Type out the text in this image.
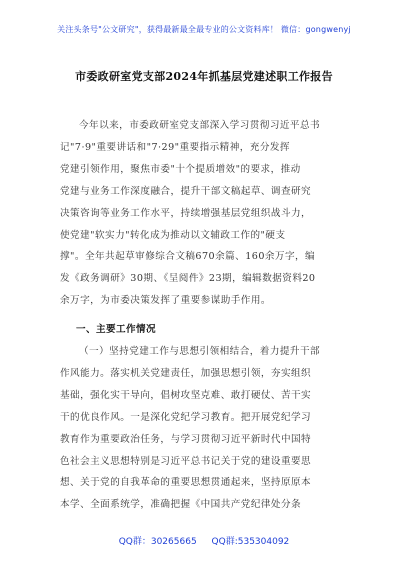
关注头条号"公文研究"，获得最新最全最专业的公文资料库！ 微信：gongwenyj
市委政研室党支部2024年抓基层党建述职工作报告
今年以来，市委政研室党支部深入学习贯彻习近平总书
记"7·9"重要讲话和"7·29"重要指示精神，充分发挥
党建引领作用，聚焦市委"十个提质增效"的要求，推动
党建与业务工作深度融合，提升干部文稿起草、调查研究
决策咨询等业务工作水平，持续增强基层党组织战斗力，
使党建"软实力"转化成为推动以文辅政工作的"硬支
撑"。全年共起草审修综合文稿670余篇、160余万字，编
发《政务调研》30期、《呈阅件》23期，编辑数据资料20
余万字，为市委决策发挥了重要参谋助手作用。
一、主要工作情况
（一）坚持党建工作与思想引领相结合，着力提升干部
作风能力。落实机关党建责任，加强思想引领，夯实组织
基础，强化实干导向，倡树攻坚克难、敢打硬仗、苦干实
干的优良作风。一是深化党纪学习教育。把开展党纪学习
教育作为重要政治任务，与学习贯彻习近平新时代中国特
色社会主义思想特别是习近平总书记关于党的建设重要思
想、关于党的自我革命的重要思想贯通起来，坚持原原本
本学、全面系统学，准确把握《中国共产党纪律处分条
QQ群：30265665 QQ群:535304092
